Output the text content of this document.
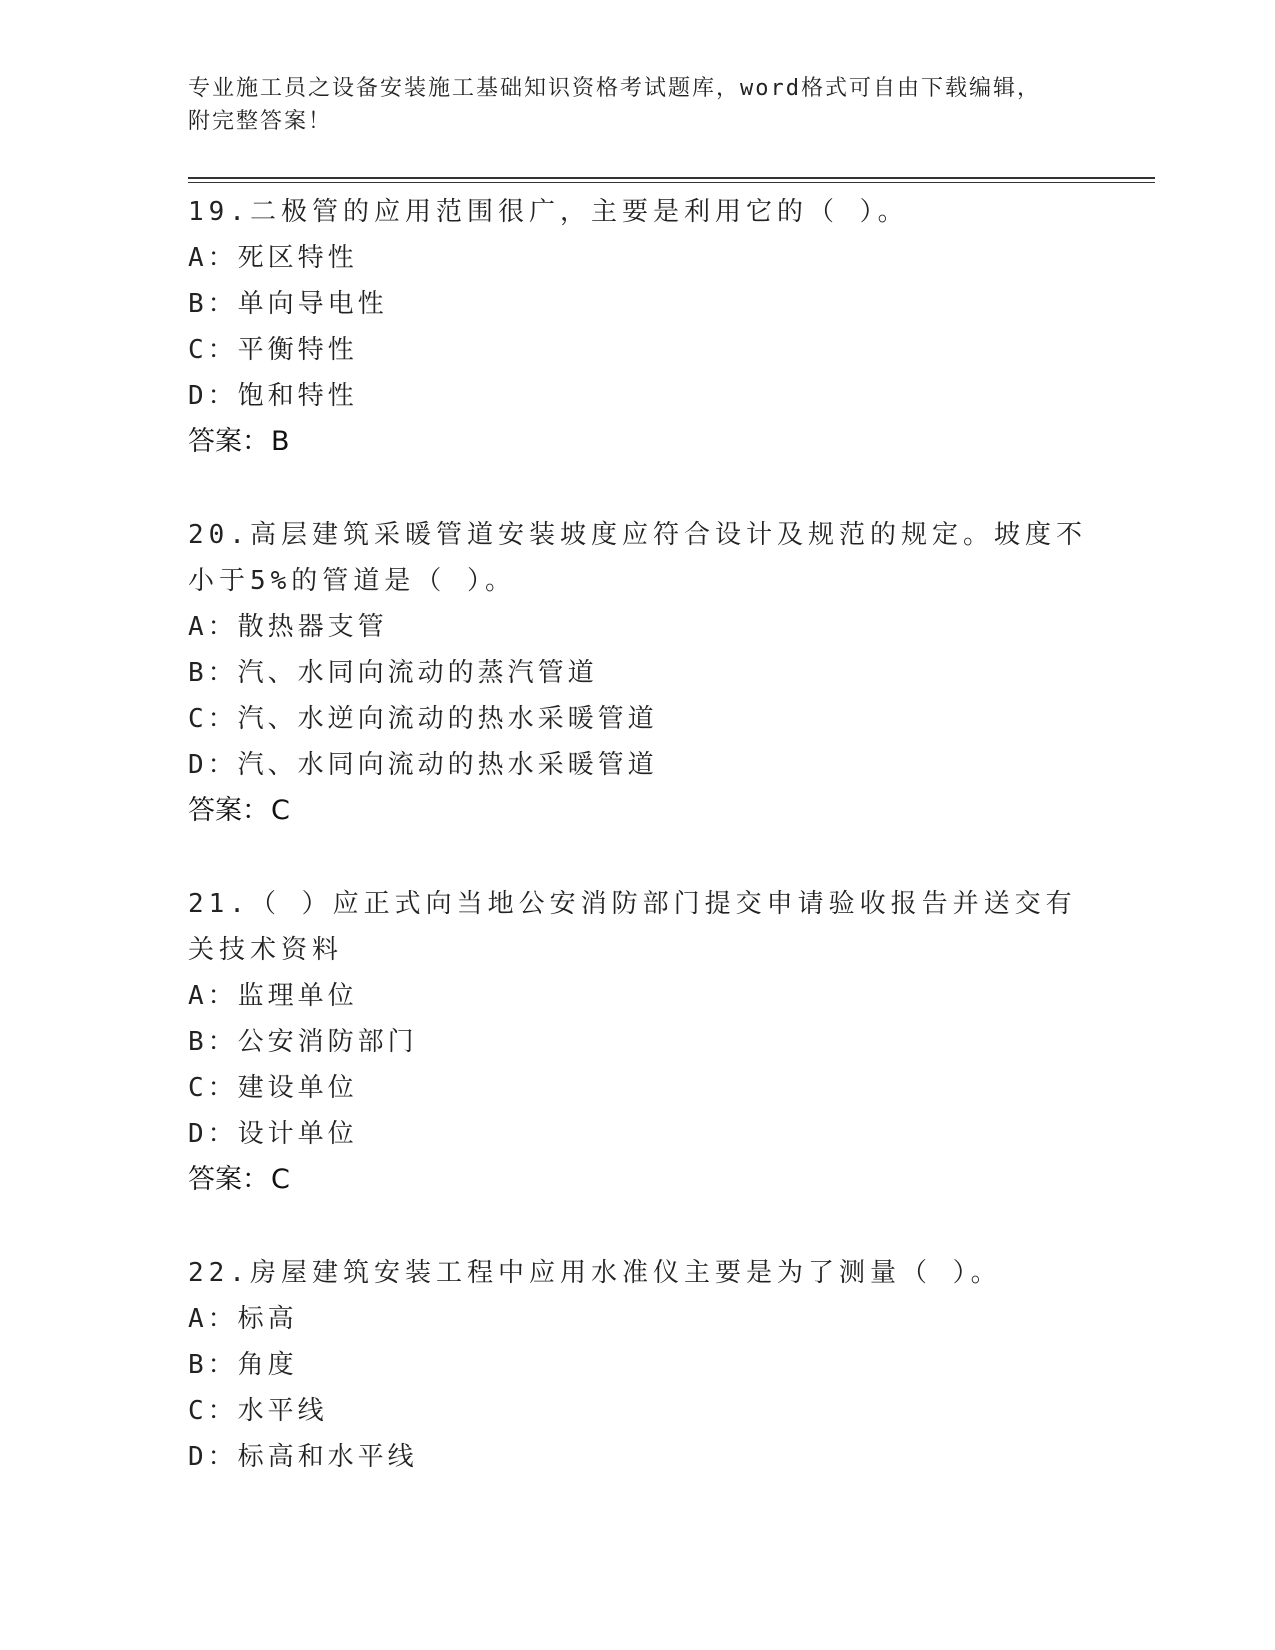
专业施工员之设备安装施工基础知识资格考试题库，word格式可自由下载编辑，
附完整答案！

19.二极管的应用范围很广，主要是利用它的（ ）。

A：死区特性

B：单向导电性

C：平衡特性

D：饱和特性

答案：B

20.高层建筑采暖管道安装坡度应符合设计及规范的规定。坡度不小于5%的管道是（ ）。

A：散热器支管

B：汽、水同向流动的蒸汽管道

C：汽、水逆向流动的热水采暖管道

D：汽、水同向流动的热水采暖管道

答案：C

21.（ ）应正式向当地公安消防部门提交申请验收报告并送交有关技术资料

A：监理单位

B：公安消防部门

C：建设单位

D：设计单位

答案：C

22.房屋建筑安装工程中应用水准仪主要是为了测量（ ）。

A：标高

B：角度

C：水平线

D：标高和水平线
